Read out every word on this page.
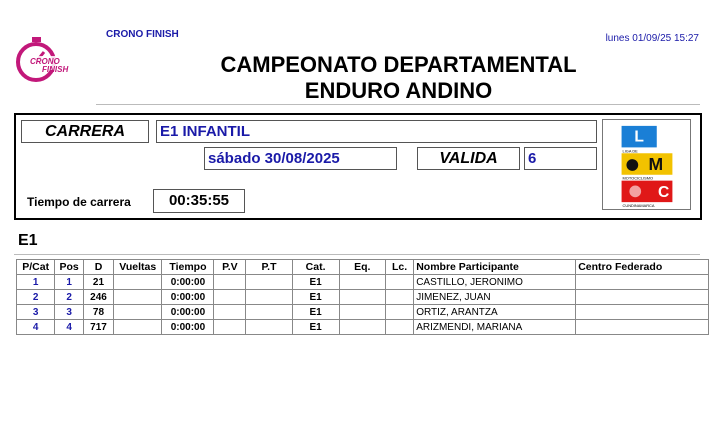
CRONO
FINISH
CRONO FINISH	lunes 01/09/25 15:27
CAMPEONATO DEPARTAMENTAL
ENDURO ANDINO
CARRERA	E1 INFANTIL
sábado 30/08/2025	VALIDA	6
Tiempo de carrera	00:35:55
L
LIGA DE
M
MOTOCICLISMO
C
CUNDINAMARCA
E1
P/Cat	Pos	D	Vueltas	Tiempo	P.V	P.T	Cat.	Eq.	Lc.	Nombre Participante	Centro Federado
1	1	21		0:00:00			E1			CASTILLO, JERONIMO	
2	2	246		0:00:00			E1			JIMENEZ, JUAN	
3	3	78		0:00:00			E1			ORTIZ, ARANTZA	
4	4	717		0:00:00			E1			ARIZMENDI, MARIANA	
